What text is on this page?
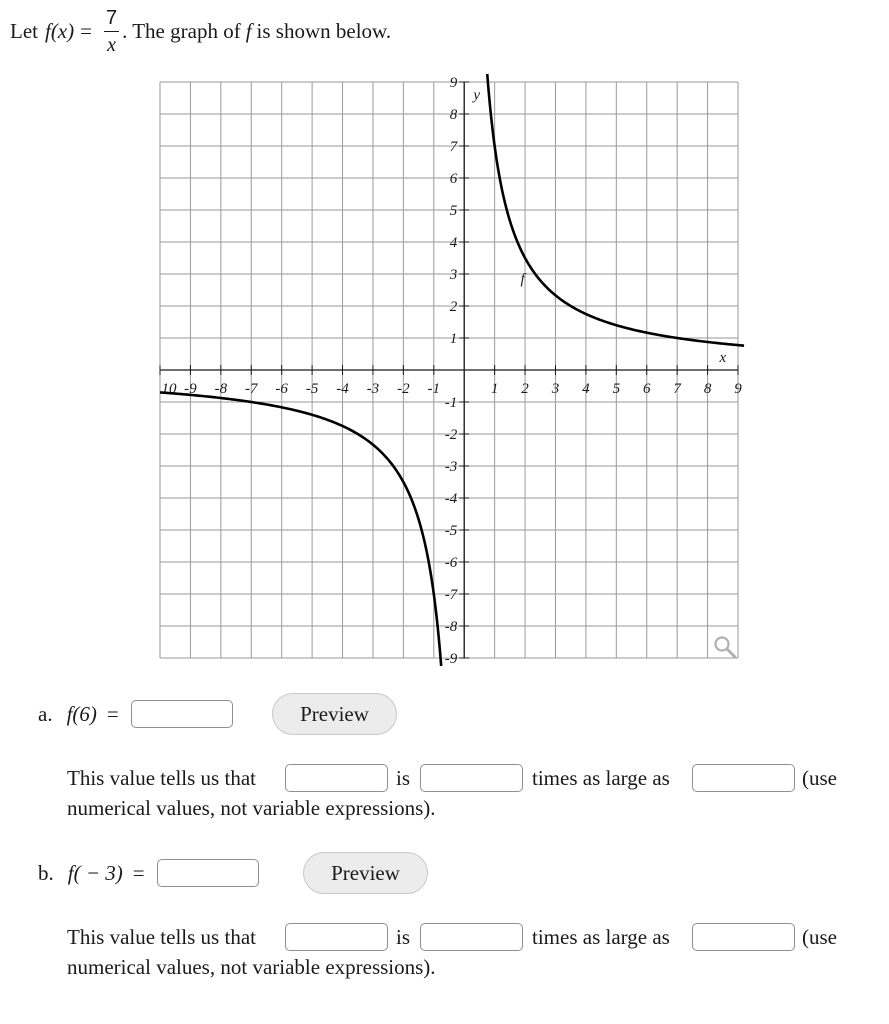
Let $f(x) = \frac{7}{x}$ . The graph of f is shown below.
10 -9 -8 -7 -6 -5 -4 -3 -2 -1	1 2 3 4 5 6 7 8 9
9
8
7
6
5
4
3
2
1
-1
-2
-3
-4
-5
-6
-7
-8
-9
x
y
f
a. f(6) =	Preview
This value tells us that	is	times as large as	(use
numerical values, not variable expressions).
b. f( − 3) =	Preview
This value tells us that	is	times as large as	(use
numerical values, not variable expressions).
